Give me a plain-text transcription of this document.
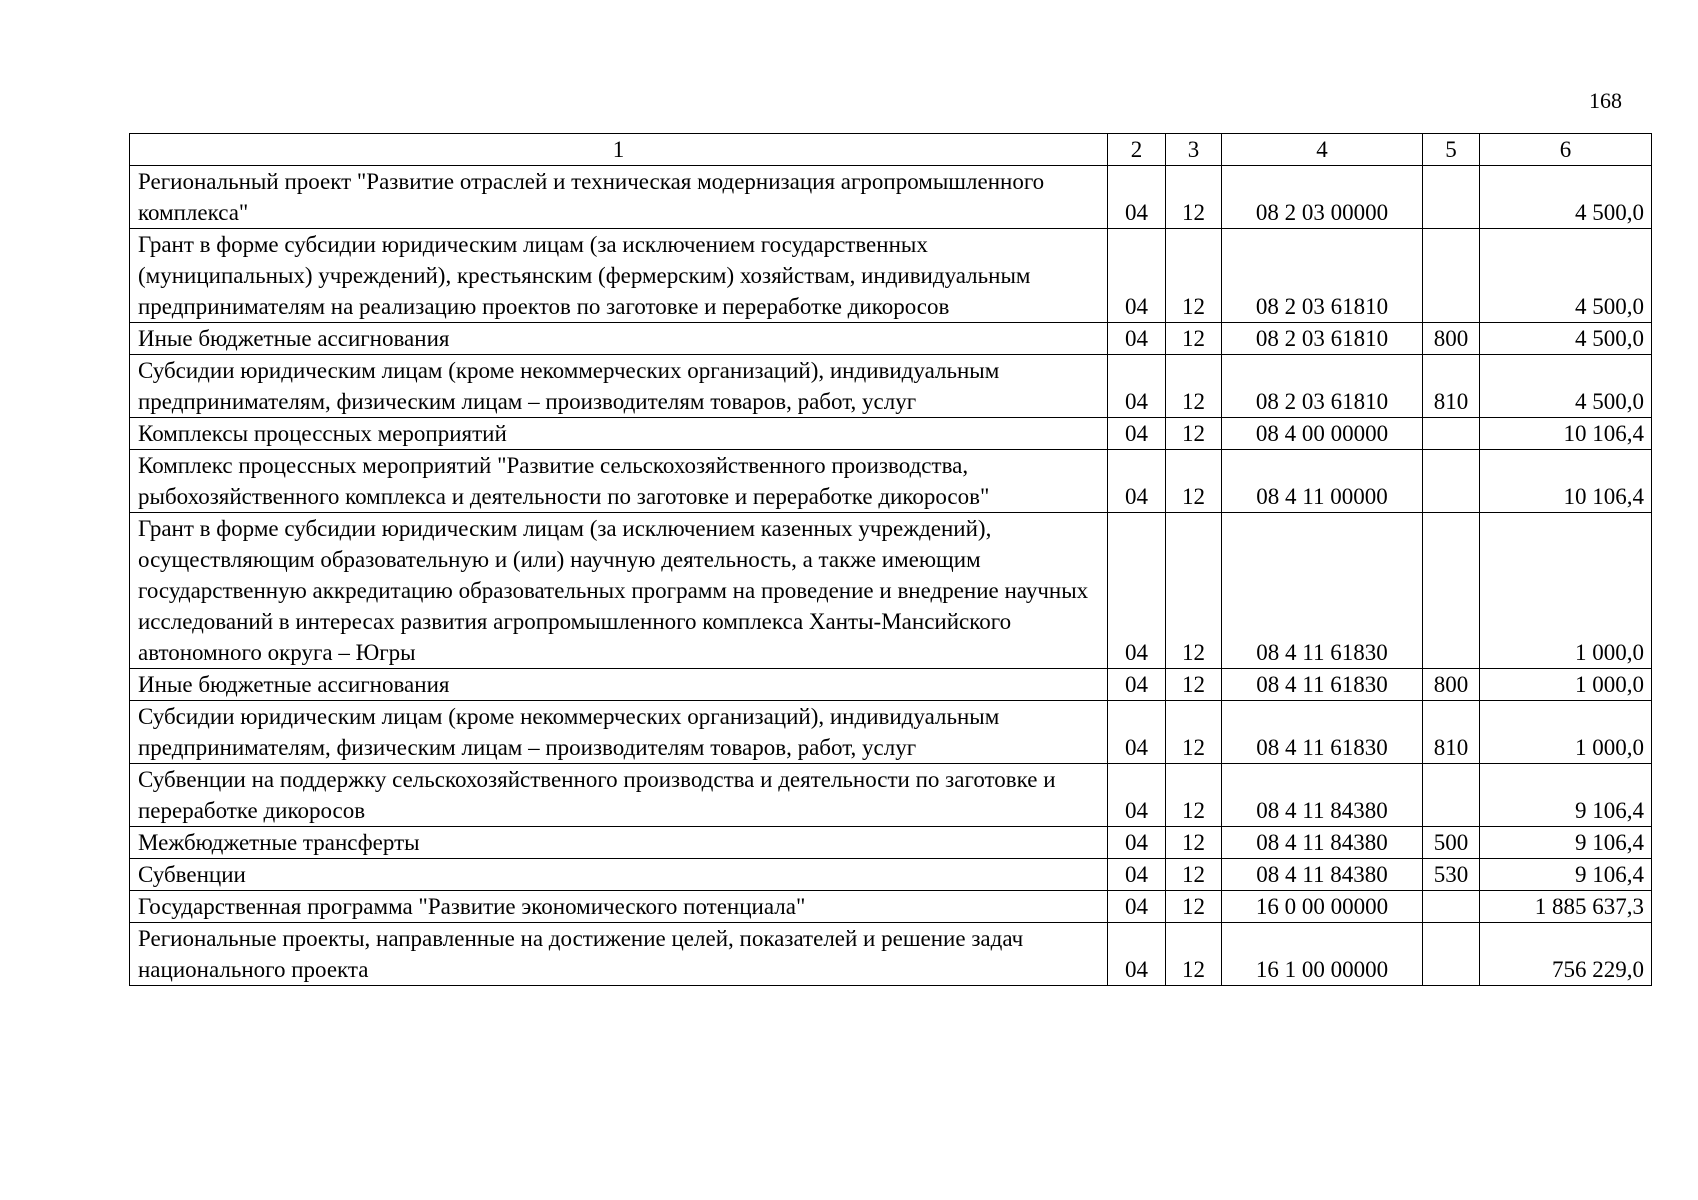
168
1	2	3	4	5	6
Региональный проект "Развитие отраслей и техническая модернизация агропромышленного комплекса"	04	12	08 2 03 00000		4 500,0
Грант в форме субсидии юридическим лицам (за исключением государственных (муниципальных) учреждений), крестьянским (фермерским) хозяйствам, индивидуальным предпринимателям на реализацию проектов по заготовке и переработке дикоросов	04	12	08 2 03 61810		4 500,0
Иные бюджетные ассигнования	04	12	08 2 03 61810	800	4 500,0
Субсидии юридическим лицам (кроме некоммерческих организаций), индивидуальным предпринимателям, физическим лицам – производителям товаров, работ, услуг	04	12	08 2 03 61810	810	4 500,0
Комплексы процессных мероприятий	04	12	08 4 00 00000		10 106,4
Комплекс процессных мероприятий "Развитие сельскохозяйственного производства, рыбохозяйственного комплекса и деятельности по заготовке и переработке дикоросов"	04	12	08 4 11 00000		10 106,4
Грант в форме субсидии юридическим лицам (за исключением казенных учреждений), осуществляющим образовательную и (или) научную деятельность, а также имеющим государственную аккредитацию образовательных программ на проведение и внедрение научных исследований в интересах развития агропромышленного комплекса Ханты-Мансийского автономного округа – Югры	04	12	08 4 11 61830		1 000,0
Иные бюджетные ассигнования	04	12	08 4 11 61830	800	1 000,0
Субсидии юридическим лицам (кроме некоммерческих организаций), индивидуальным предпринимателям, физическим лицам – производителям товаров, работ, услуг	04	12	08 4 11 61830	810	1 000,0
Субвенции на поддержку сельскохозяйственного производства и деятельности по заготовке и переработке дикоросов	04	12	08 4 11 84380		9 106,4
Межбюджетные трансферты	04	12	08 4 11 84380	500	9 106,4
Субвенции	04	12	08 4 11 84380	530	9 106,4
Государственная программа "Развитие экономического потенциала"	04	12	16 0 00 00000		1 885 637,3
Региональные проекты, направленные на достижение целей, показателей и решение задач национального проекта	04	12	16 1 00 00000		756 229,0
